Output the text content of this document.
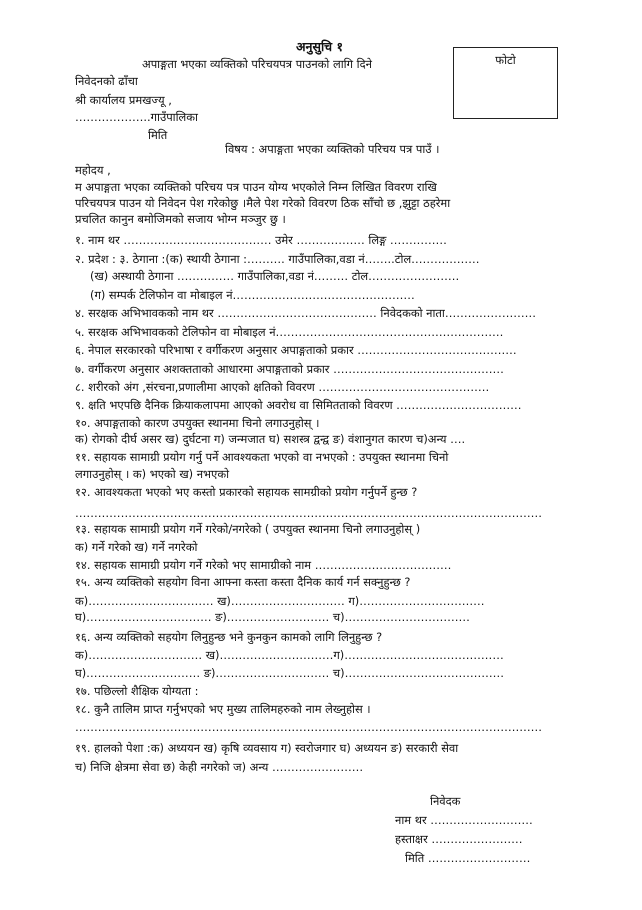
अनुसुचि १
अपाङ्गता भएका व्यक्तिको परिचयपत्र पाउनको लागि दिने	फोटो
निवेदनको ढाँचा
श्री कार्यालय प्रमखज्यू ,
………………..गाउँपालिका
मिति
विषय : अपाङ्गता भएका व्यक्तिको परिचय पत्र पाउँ ।
महोदय ,
म अपाङ्गता भएका व्यक्तिको परिचय पत्र पाउन योग्य भएकोले निम्न लिखित विवरण राखि
परिचयपत्र पाउन यो निवेदन पेश गरेकोछु ।मैले पेश गरेको विवरण ठिक साँचो छ ,झुट्टा ठहरेमा
प्रचलित कानुन बमोजिमको सजाय भोग्न मञ्जुर छु ।
१. नाम थर ………………………………… उमेर ……………… लिङ्ग ……………
२. प्रदेश : ३. ठेगाना :(क) स्थायी ठेगाना :………. गाउँपालिका,वडा नं……..टोल………………
(ख) अस्थायी ठेगाना …………… गाउँपालिका,वडा नं……… टोल……………………
(ग) सम्पर्क टेलिफोन वा मोबाइल नं…………………………………………
४. सरक्षक अभिभावकको नाम थर …………………………………… निवेदकको नाता……………………
५. सरक्षक अभिभावकको टेलिफोन वा मोबाइल नं……………………………………………………
६. नेपाल सरकारको परिभाषा र वर्गीकरण अनुसार अपाङ्गताको प्रकार ……………………………………
७. वर्गीकरण अनुसार अशक्तताको आधारमा अपाङ्गताको प्रकार ………………………………………
८. शरीरको अंग ,संरचना,प्रणालीमा आएको क्षतिको विवरण ………………………………………
९. क्षति भएपछि दैनिक क्रियाकलापमा आएको अवरोध वा सिमितताको विवरण ……………………………
१०. अपाङ्गताको कारण उपयुक्त स्थानमा चिनो लगाउनुहोस् ।
क) रोगको दीर्घ असर ख) दुर्घटना ग) जन्मजात घ) सशस्त्र द्वन्द्व ङ) वंशानुगत कारण च)अन्य ….
११. सहायक सामाग्री प्रयोग गर्नु पर्ने आवश्यकता भएको वा नभएको : उपयुक्त स्थानमा चिनो
लगाउनुहोस् । क) भएको ख) नभएको
१२. आवश्यकता भएको भए कस्तो प्रकारको सहायक सामग्रीको प्रयोग गर्नुपर्ने हुन्छ ?
……………………………………………………………………………………………………………
१३. सहायक सामाग्री प्रयोग गर्ने गरेको/नगरेको ( उपयुक्त स्थानमा चिनो लगाउनुहोस् )
क) गर्ने गरेको ख) गर्ने नगरेको
१४. सहायक सामाग्री प्रयोग गर्ने गरेको भए सामाग्रीको नाम ………………………………
१५. अन्य व्यक्तिको सहयोग विना आफ्ना कस्ता कस्ता दैनिक कार्य गर्न सक्नुहुन्छ ?
क)…………………………… ख)………………………… ग)……………………………
घ)…………………………… ङ)……………………… च)……………………………
१६. अन्य व्यक्तिको सहयोग लिनुहुन्छ भने कुनकुन कामको लागि लिनुहुन्छ ?
क)………………………… ख)…………………………ग)……………………………………
घ)………………………… ङ)………………………… च)……………………………………
१७. पछिल्लो शैक्षिक योग्यता :
१८. कुनै तालिम प्राप्त गर्नुभएको भए मुख्य तालिमहरुको नाम लेख्नुहोस ।
……………………………………………………………………………………………………………
१९. हालको पेशा :क) अध्ययन ख) कृषि व्यवसाय ग) स्वरोजगार घ) अध्ययन ङ) सरकारी सेवा
च) निजि क्षेत्रमा सेवा छ) केही नगरेको ज) अन्य ……………………
निवेदक
नाम थर ………………………
हस्ताक्षर ……………………
मिति ………………………
